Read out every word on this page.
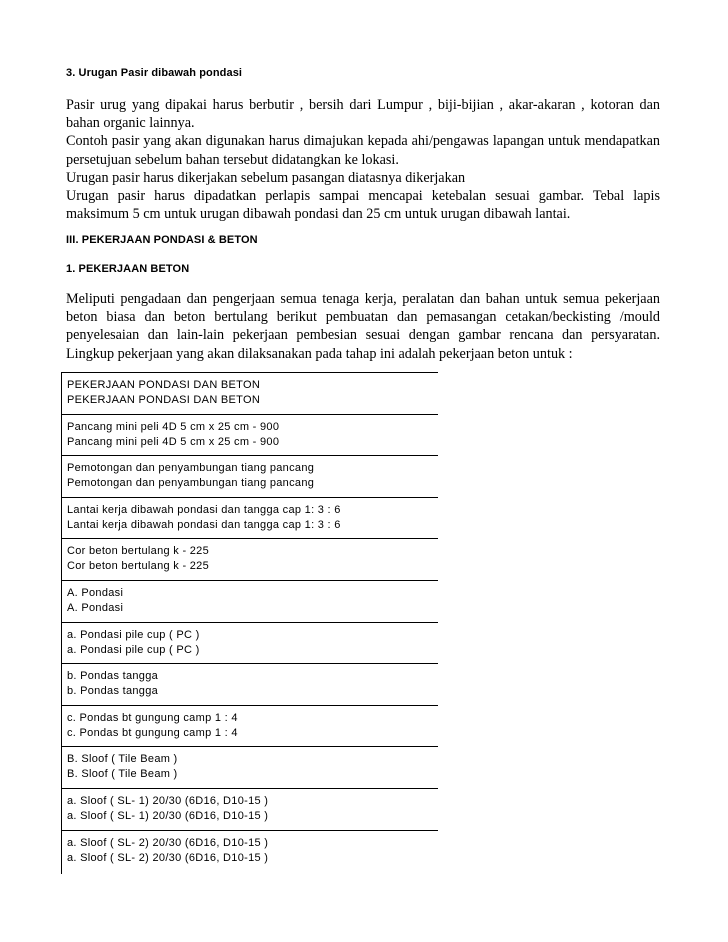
3. Urugan Pasir dibawah pondasi
Pasir urug yang dipakai harus berbutir , bersih dari Lumpur , biji-bijian , akar-akaran , kotoran dan
bahan organic lainnya.
Contoh pasir yang akan digunakan harus dimajukan kepada ahi/pengawas lapangan untuk mendapatkan
persetujuan sebelum bahan tersebut didatangkan ke lokasi.
Urugan pasir harus dikerjakan sebelum pasangan diatasnya dikerjakan
Urugan pasir harus dipadatkan perlapis sampai mencapai ketebalan sesuai gambar. Tebal lapis
maksimum 5 cm untuk urugan dibawah pondasi dan 25 cm untuk urugan dibawah lantai.
III. PEKERJAAN PONDASI & BETON
1. PEKERJAAN BETON
Meliputi pengadaan dan pengerjaan semua tenaga kerja, peralatan dan bahan untuk semua pekerjaan
beton biasa dan beton bertulang berikut pembuatan dan pemasangan cetakan/beckisting /mould
penyelesaian dan lain-lain pekerjaan pembesian sesuai dengan gambar rencana dan persyaratan.
Lingkup pekerjaan yang akan dilaksanakan pada tahap ini adalah pekerjaan beton untuk :
PEKERJAAN PONDASI DAN BETON
PEKERJAAN PONDASI DAN BETON
Pancang mini peli 4D 5 cm x 25 cm - 900
Pancang mini peli 4D 5 cm x 25 cm - 900
Pemotongan dan penyambungan tiang pancang
Pemotongan dan penyambungan tiang pancang
Lantai kerja dibawah pondasi dan tangga cap 1: 3 : 6
Lantai kerja dibawah pondasi dan tangga cap 1: 3 : 6
Cor beton bertulang k - 225
Cor beton bertulang k - 225
A. Pondasi
A. Pondasi
a. Pondasi pile cup ( PC )
a. Pondasi pile cup ( PC )
b. Pondas tangga
b. Pondas tangga
c. Pondas bt gungung camp 1 : 4
c. Pondas bt gungung camp 1 : 4
B. Sloof ( Tile Beam )
B. Sloof ( Tile Beam )
a. Sloof ( SL- 1) 20/30 (6D16, D10-15 )
a. Sloof ( SL- 1) 20/30 (6D16, D10-15 )
a. Sloof ( SL- 2) 20/30 (6D16, D10-15 )
a. Sloof ( SL- 2) 20/30 (6D16, D10-15 )
